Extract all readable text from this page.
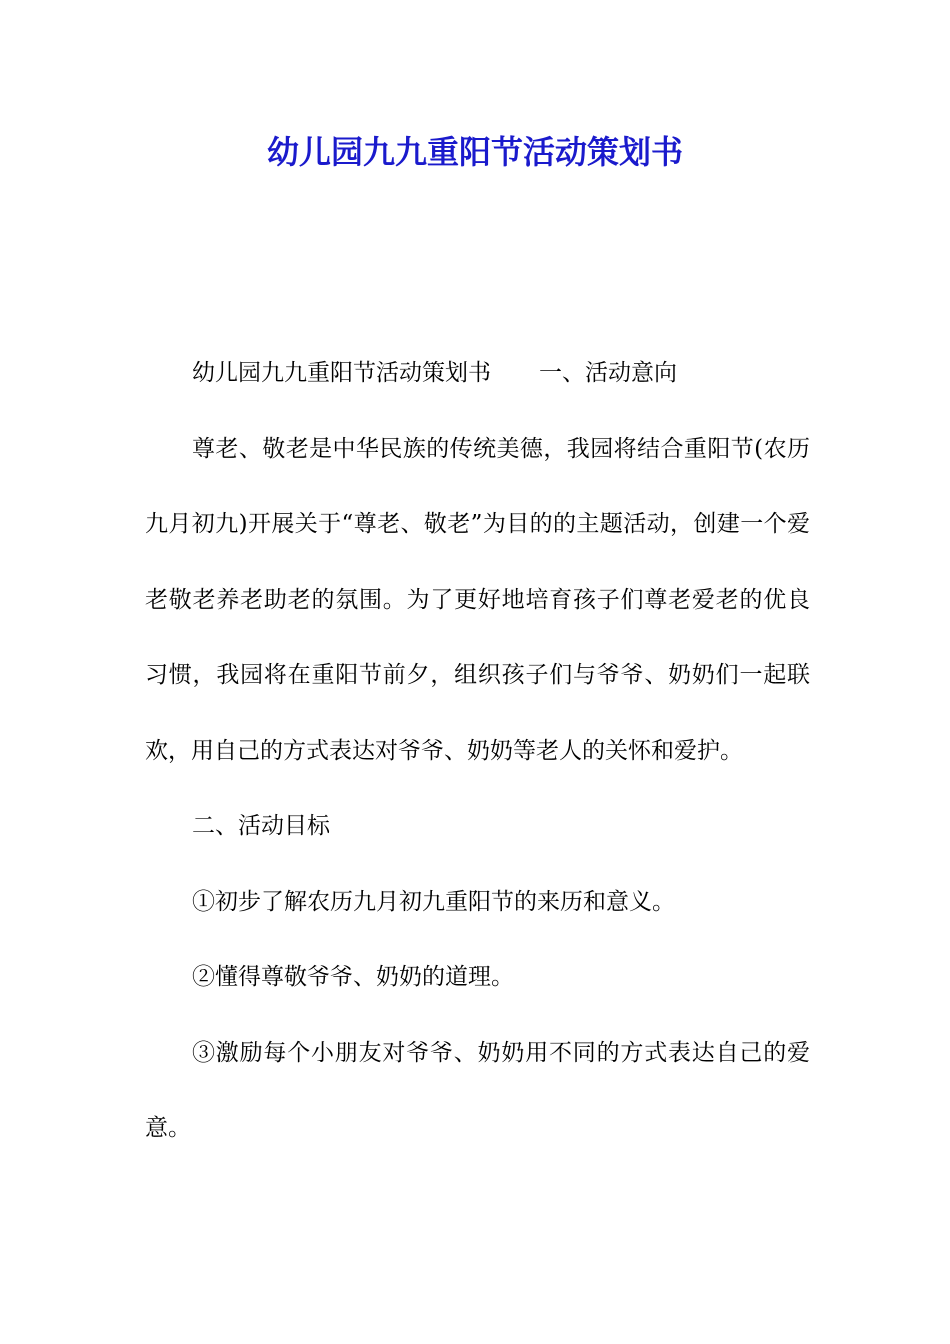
幼儿园九九重阳节活动策划书

幼儿园九九重阳节活动策划书 一、活动意向

尊老、敬老是中华民族的传统美德，我园将结合重阳节(农历九月初九)开展关于“尊老、敬老”为目的的主题活动，创建一个爱老敬老养老助老的氛围。为了更好地培育孩子们尊老爱老的优良习惯，我园将在重阳节前夕，组织孩子们与爷爷、奶奶们一起联欢，用自己的方式表达对爷爷、奶奶等老人的关怀和爱护。

二、活动目标

①初步了解农历九月初九重阳节的来历和意义。

②懂得尊敬爷爷、奶奶的道理。

③激励每个小朋友对爷爷、奶奶用不同的方式表达自己的爱意。
